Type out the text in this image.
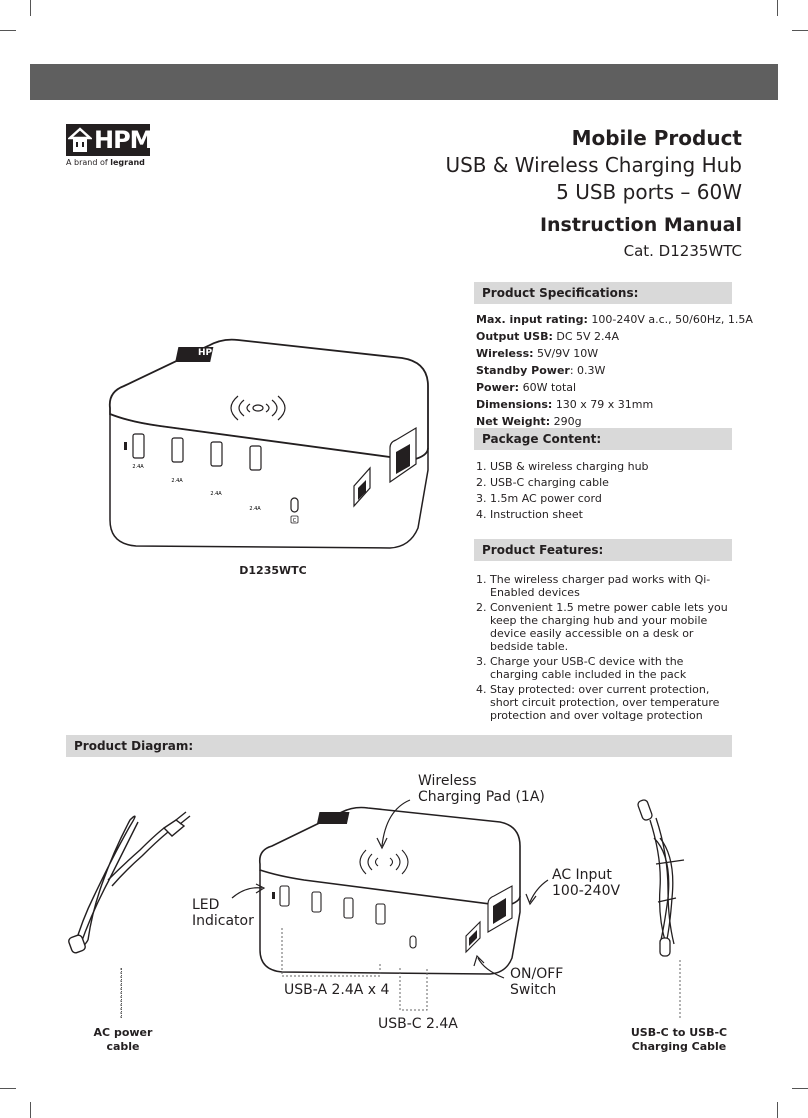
HPM
A brand of legrand
Mobile Product
USB & Wireless Charging Hub
5 USB ports – 60W
Instruction Manual
Cat. D1235WTC
C
2.4A
2.4A
2.4A
2.4A
D1235WTC
Product Specifications:
Max. input rating: 100-240V a.c., 50/60Hz, 1.5A
Output USB: DC 5V 2.4A
Wireless: 5V/9V 10W
Standby Power: 0.3W
Power: 60W total
Dimensions: 130 x 79 x 31mm
Net Weight: 290g
Package Content:
1. USB & wireless charging hub
2. USB-C charging cable
3. 1.5m AC power cord
4. Instruction sheet
Product Features:
1. The wireless charger pad works with Qi-Enabled devices
2. Convenient 1.5 metre power cable lets you keep the charging hub and your mobile device easily accessible on a desk or bedside table.
3. Charge your USB-C device with the charging cable included in the pack
4. Stay protected: over current protection, short circuit protection, over temperature protection and over voltage protection
Product Diagram:
AC power cable
Wireless
Charging Pad (1A)
AC Input
100-240V
LED
Indicator
ON/OFF
Switch
USB-A 2.4A x 4
USB-C 2.4A
USB-C to USB-C
Charging Cable
HPM
